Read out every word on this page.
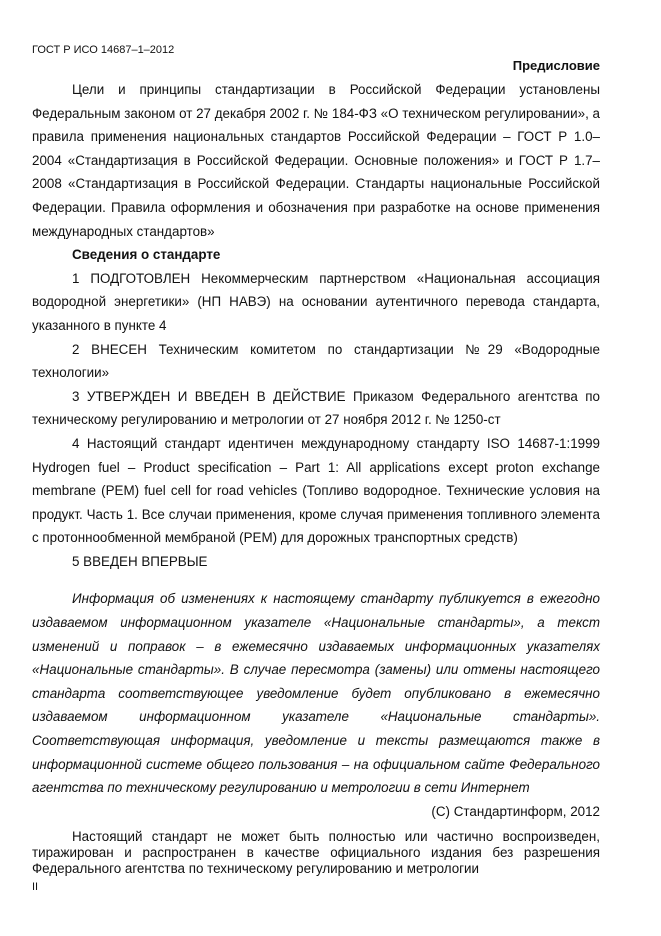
ГОСТ Р ИСО 14687–1–2012
Предисловие

Цели и принципы стандартизации в Российской Федерации установлены Федеральным законом от 27 декабря 2002 г. № 184-ФЗ «О техническом регулировании», а правила применения национальных стандартов Российской Федерации – ГОСТ Р 1.0–2004 «Стандартизация в Российской Федерации. Основные положения» и ГОСТ Р 1.7–2008 «Стандартизация в Российской Федерации. Стандарты национальные Российской Федерации. Правила оформления и обозначения при разработке на основе применения международных стандартов»

Сведения о стандарте

1 ПОДГОТОВЛЕН Некоммерческим партнерством «Национальная ассоциация водородной энергетики» (НП НАВЭ) на основании аутентичного перевода стандарта, указанного в пункте 4

2 ВНЕСЕН Техническим комитетом по стандартизации №29 «Водородные технологии»

3 УТВЕРЖДЕН И ВВЕДЕН В ДЕЙСТВИЕ Приказом Федерального агентства по техническому регулированию и метрологии от 27 ноября 2012 г. № 1250-ст

4 Настоящий стандарт идентичен международному стандарту ISO 14687-1:1999 Hydrogen fuel – Product specification – Part 1: All applications except proton exchange membrane (PEM) fuel cell for road vehicles (Топливо водородное. Технические условия на продукт. Часть 1. Все случаи применения, кроме случая применения топливного элемента с протоннообменной мембраной (PEM) для дорожных транспортных средств)

5 ВВЕДЕН ВПЕРВЫЕ

Информация об изменениях к настоящему стандарту публикуется в ежегодно издаваемом информационном указателе «Национальные стандарты», а текст изменений и поправок – в ежемесячно издаваемых информационных указателях «Национальные стандарты». В случае пересмотра (замены) или отмены настоящего стандарта соответствующее уведомление будет опубликовано в ежемесячно издаваемом информационном указателе «Национальные стандарты». Соответствующая информация, уведомление и тексты размещаются также в информационной системе общего пользования – на официальном сайте Федерального агентства по техническому регулированию и метрологии в сети Интернет

(С) Стандартинформ, 2012

Настоящий стандарт не может быть полностью или частично воспроизведен, тиражирован и распространен в качестве официального издания без разрешения Федерального агентства по техническому регулированию и метрологии

II
